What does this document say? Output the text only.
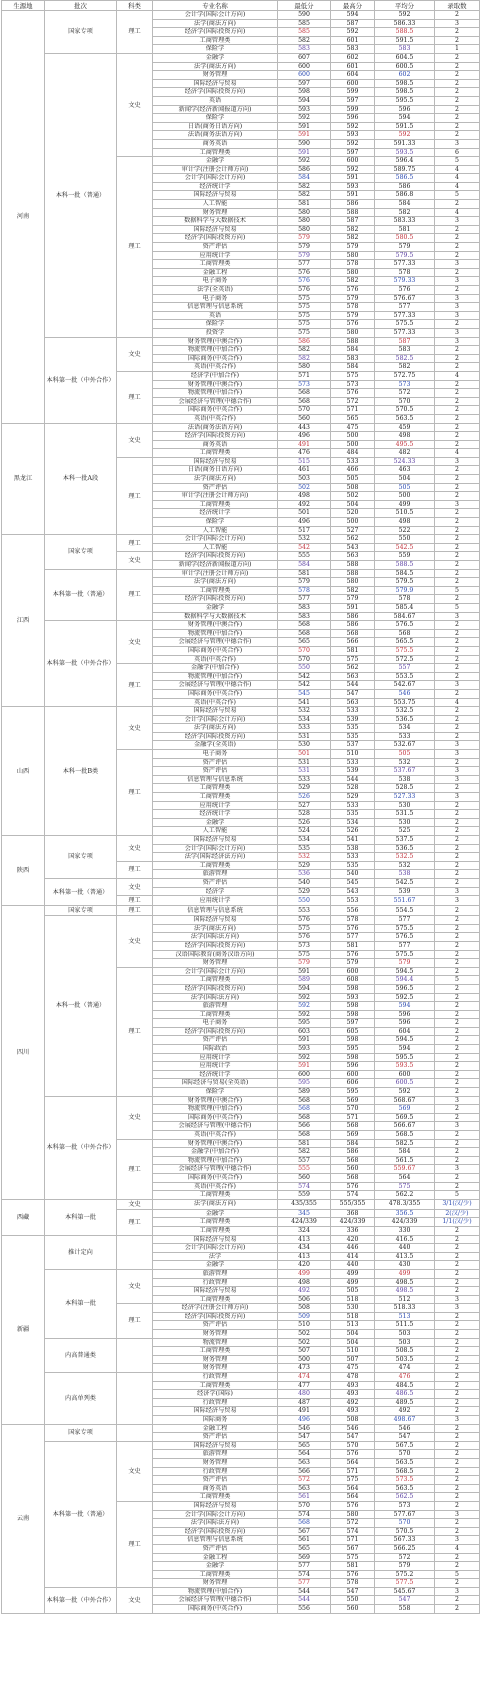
生源地	批次	科类	专业名称	最低分	最高分	平均分	录取数
河南	国家专项	理工	会计学(国际会计方向)	590	594	592	2
			法学(商法方向)	585	587	586.33	3
			经济学(国际投资方向)	585	592	588.5	2
			工商管理类	582	601	591.5	2
			保险学	583	583	583	1
	本科一批（普通）	文史	金融学	607	602	604.5	2
			法学(商法方向)	600	601	600.5	2
			财务管理	600	604	602	2
			国际经济与贸易	597	600	598.5	2
			经济学(国际投资方向)	598	599	598.5	2
			英语	594	597	595.5	2
			新闻学(经济新闻报道方向)	593	599	596	2
			保险学	592	596	594	2
			日语(商务日语方向)	591	592	591.5	2
			法语(商务法语方向)	591	593	592	2
			商务英语	590	592	591.33	3
			工商管理类	591	597	593.5	6
		理工	金融学	592	600	596.4	5
			审计学(注册会计师方向)	586	592	589.75	4
			会计学(国际会计方向)	584	591	586.5	4
			经济统计学	582	593	586	4
			国际经济与贸易	582	591	586.8	5
			人工智能	581	586	584	2
			财务管理	580	588	582	4
			数据科学与大数据技术	580	587	583.33	3
			国际经济与贸易	580	582	581	2
			经济学(国际投资方向)	579	582	580.5	2
			资产评估	579	579	579	2
			应用统计学	579	580	579.5	2
			工商管理类	577	578	577.33	3
			金融工程	576	580	578	2
			电子商务	576	582	579.33	3
			法学(全英语)	576	576	576	2
			电子商务	575	579	576.67	3
			信息管理与信息系统	575	578	577	3
			英语	575	579	577.33	3
			保险学	575	576	575.5	2
			投资学	575	580	577.33	3
	本科第一批（中外合作）	文史	财务管理(中澳合作)	586	588	587	3
			物流管理(中加合作)	582	584	583	2
			国际商务(中英合作)	582	583	582.5	2
			英语(中英合作)	580	584	582	2
		理工	经济学(中加合作)	571	575	572.75	4
			财务管理(中澳合作)	573	573	573	2
			物流管理(中加合作)	568	576	572	2
			会展经济与管理(中德合作)	568	572	570	2
			国际商务(中英合作)	570	571	570.5	2
			英语(中英合作)	560	565	563.5	2
黑龙江	本科一批A段	文史	法语(商务法语方向)	443	475	459	2
			经济学(国际投资方向)	496	500	498	2
			商务英语	491	500	495.5	2
			工商管理类	476	484	482	4
		理工	国际经济与贸易	515	533	524.33	3
			日语(商务日语方向)	461	466	463	2
			法学(商法方向)	503	505	504	2
			资产评估	502	508	505	2
			审计学(注册会计师方向)	498	502	500	2
			工商管理类	492	504	499	3
			经济统计学	501	520	510.5	2
			保险学	496	500	498	2
			人工智能	517	527	522	2
江西	国家专项	理工	会计学(国际会计方向)	532	562	550	2
			人工智能	542	543	542.5	2
		文史	经济学(国际投资方向)	555	563	559	2
			新闻学(经济新闻报道方向)	584	588	588.5	2
	本科第一批（普通）	理工	审计学(注册会计师方向)	581	588	584.5	2
			法学(商法方向)	579	580	579.5	2
			工商管理类	578	582	579.9	5
			经济学(国际投资方向)	577	579	578	2
			金融学	583	591	585.4	5
			数据科学与大数据技术	583	586	584.67	3
	本科第一批（中外合作）	文史	财务管理(中澳合作)	568	586	576.5	2
			物流管理(中加合作)	568	568	568	2
			会展经济与管理(中德合作)	565	566	565.5	2
			国际商务(中英合作)	570	581	575.5	2
			英语(中英合作)	570	575	572.5	2
		理工	金融学(中加合作)	550	562	557	2
			物流管理(中加合作)	542	563	553.5	2
			会展经济与管理(中德合作)	542	544	542.67	3
			国际商务(中英合作)	545	547	546	2
			英语(中英合作)	541	563	553.75	4
山西	本科一批B类	文史	国际经济与贸易	532	533	532.5	2
			会计学(国际会计方向)	534	539	536.5	2
			法学(商法方向)	533	535	534	2
			经济学(国际投资方向)	531	535	533	2
			金融学(全英语)	530	537	532.67	3
		理工	电子商务	501	510	505	3
			资产评估	531	533	532	2
			资产评估	531	539	537.67	3
			信息管理与信息系统	533	544	538	3
			工商管理类	529	528	528.5	2
			工商管理类	526	529	527.33	3
			应用统计学	527	533	530	2
			经济统计学	528	535	531.5	2
			金融学	526	534	530	2
			人工智能	524	526	525	2
陕西	国家专项	文史	国际经济与贸易	534	541	537.5	2
			会计学(国际会计方向)	535	538	536.5	2
			法学(国际经济法方向)	532	533	532.5	2
		理工	工商管理类	529	535	532	2
			旅游管理	536	540	538	2
	本科第一批（普通）	文史	资产评估	540	545	542.5	2
			经济学	529	543	539	3
		理工	应用统计学	550	553	551.67	3
四川	国家专项	理工	信息管理与信息系统	553	556	554.5	2
	本科一批（普通）	文史	国际经济与贸易	576	578	577	2
			法学(商法方向)	575	576	575.5	2
			法学(国际法方向)	576	577	576.5	2
			经济学(国际投资方向)	573	581	577	2
			汉语国际教育(商务汉语方向)	575	576	575.5	2
			财务管理	579	579	579	2
		理工	会计学(国际会计方向)	591	600	594.5	2
			工商管理类	589	608	594.4	5
			经济学(国际投资方向)	594	598	596.5	2
			法学(国际法方向)	592	593	592.5	2
			旅游管理	592	598	594	2
			工商管理类	592	598	596	2
			电子商务	595	597	596	2
			经济学(国际投资方向)	603	605	604	2
			资产评估	591	598	594.5	2
			国际政治	593	595	594	2
			应用统计学	592	598	595.5	2
			应用统计学	591	596	593.5	2
			经济统计学	600	600	600	2
			国际经济与贸易(全英语)	595	606	600.5	2
			保险学	589	595	592	2
	本科第一批（中外合作）	文史	财务管理(中澳合作)	568	569	568.67	3
			物流管理(中加合作)	568	570	569	2
			国际商务(中英合作)	568	571	569.5	2
			会展经济与管理(中德合作)	566	568	566.67	3
			英语(中英合作)	568	569	568.5	2
		理工	财务管理(中澳合作)	581	584	582.5	2
			金融学(中加合作)	582	586	584	2
			物流管理(中加合作)	557	568	561.5	2
			会展经济与管理(中德合作)	555	560	559.67	3
			国际商务(中英合作)	560	568	564	2
			英语(中英合作)	574	576	575	2
			工商管理类	559	574	562.2	5
西藏	本科第一批	文史	法学(商法方向)	435/355	555/355	478.3/355	3/1(汉/少)
		理工	金融学	345	368	356.5	2(汉/少)
			工商管理类	424/339	424/339	424/339	1/1(汉/少)
			工商管理类	324	336	330	2
新疆	推计定向		国际经济与贸易	413	420	416.5	2
			会计学(国际会计方向)	434	446	440	2
			法学	413	414	413.5	2
			金融学	420	440	430	2
	本科第一批	文史	旅游管理	499	499	499	2
			行政管理	498	499	498.5	2
			国际经济与贸易	492	505	498.5	2
			工商管理类	506	518	512	3
		理工	经济学(注册会计师方向)	508	530	518.33	3
			经济学(国际投资方向)	509	518	513	2
			资产评估	510	513	511.5	2
			财务管理	502	504	503	2
	内高普通类		物流管理	502	504	503	2
			工商管理类	507	510	508.5	2
			财务管理	500	507	503.5	2
			财务管理	473	475	474	2
	内高单列类		行政管理	474	478	476	2
			工商管理类	477	493	484.5	2
			经济学(国际)	480	493	486.5	2
			行政管理	487	492	489.5	2
			国际经济与贸易	491	493	492	2
			国际商务	496	508	498.67	3
云南	国家专项		金融工程	546	546	546	2
			资产评估	547	547	547	2
	本科第一批（普通）	文史	国际经济与贸易	565	570	567.5	2
			旅游管理	564	576	570	2
			财务管理	563	564	563.5	2
			行政管理	566	571	568.5	2
			资产评估	572	575	573.5	2
			商务英语	563	564	563.5	2
			工商管理类	561	564	562.5	2
		理工	国际经济与贸易	570	576	573	2
			会计学(国际会计方向)	574	580	577.67	3
			法学(国际法方向)	568	572	570	2
			经济学(国际投资方向)	567	574	570.5	2
			信息管理与信息系统	561	571	567.33	3
			资产评估	565	567	566.25	4
			金融工程	569	575	572	2
			金融学	577	581	579	2
			工商管理类	574	576	575.2	5
			财务管理	577	578	577.5	2
	本科第一批（中外合作）	文史	物流管理(中加合作)	544	547	545.67	3
			会展经济与管理(中德合作)	544	550	547	2
			国际商务(中英合作)	556	560	558	2
